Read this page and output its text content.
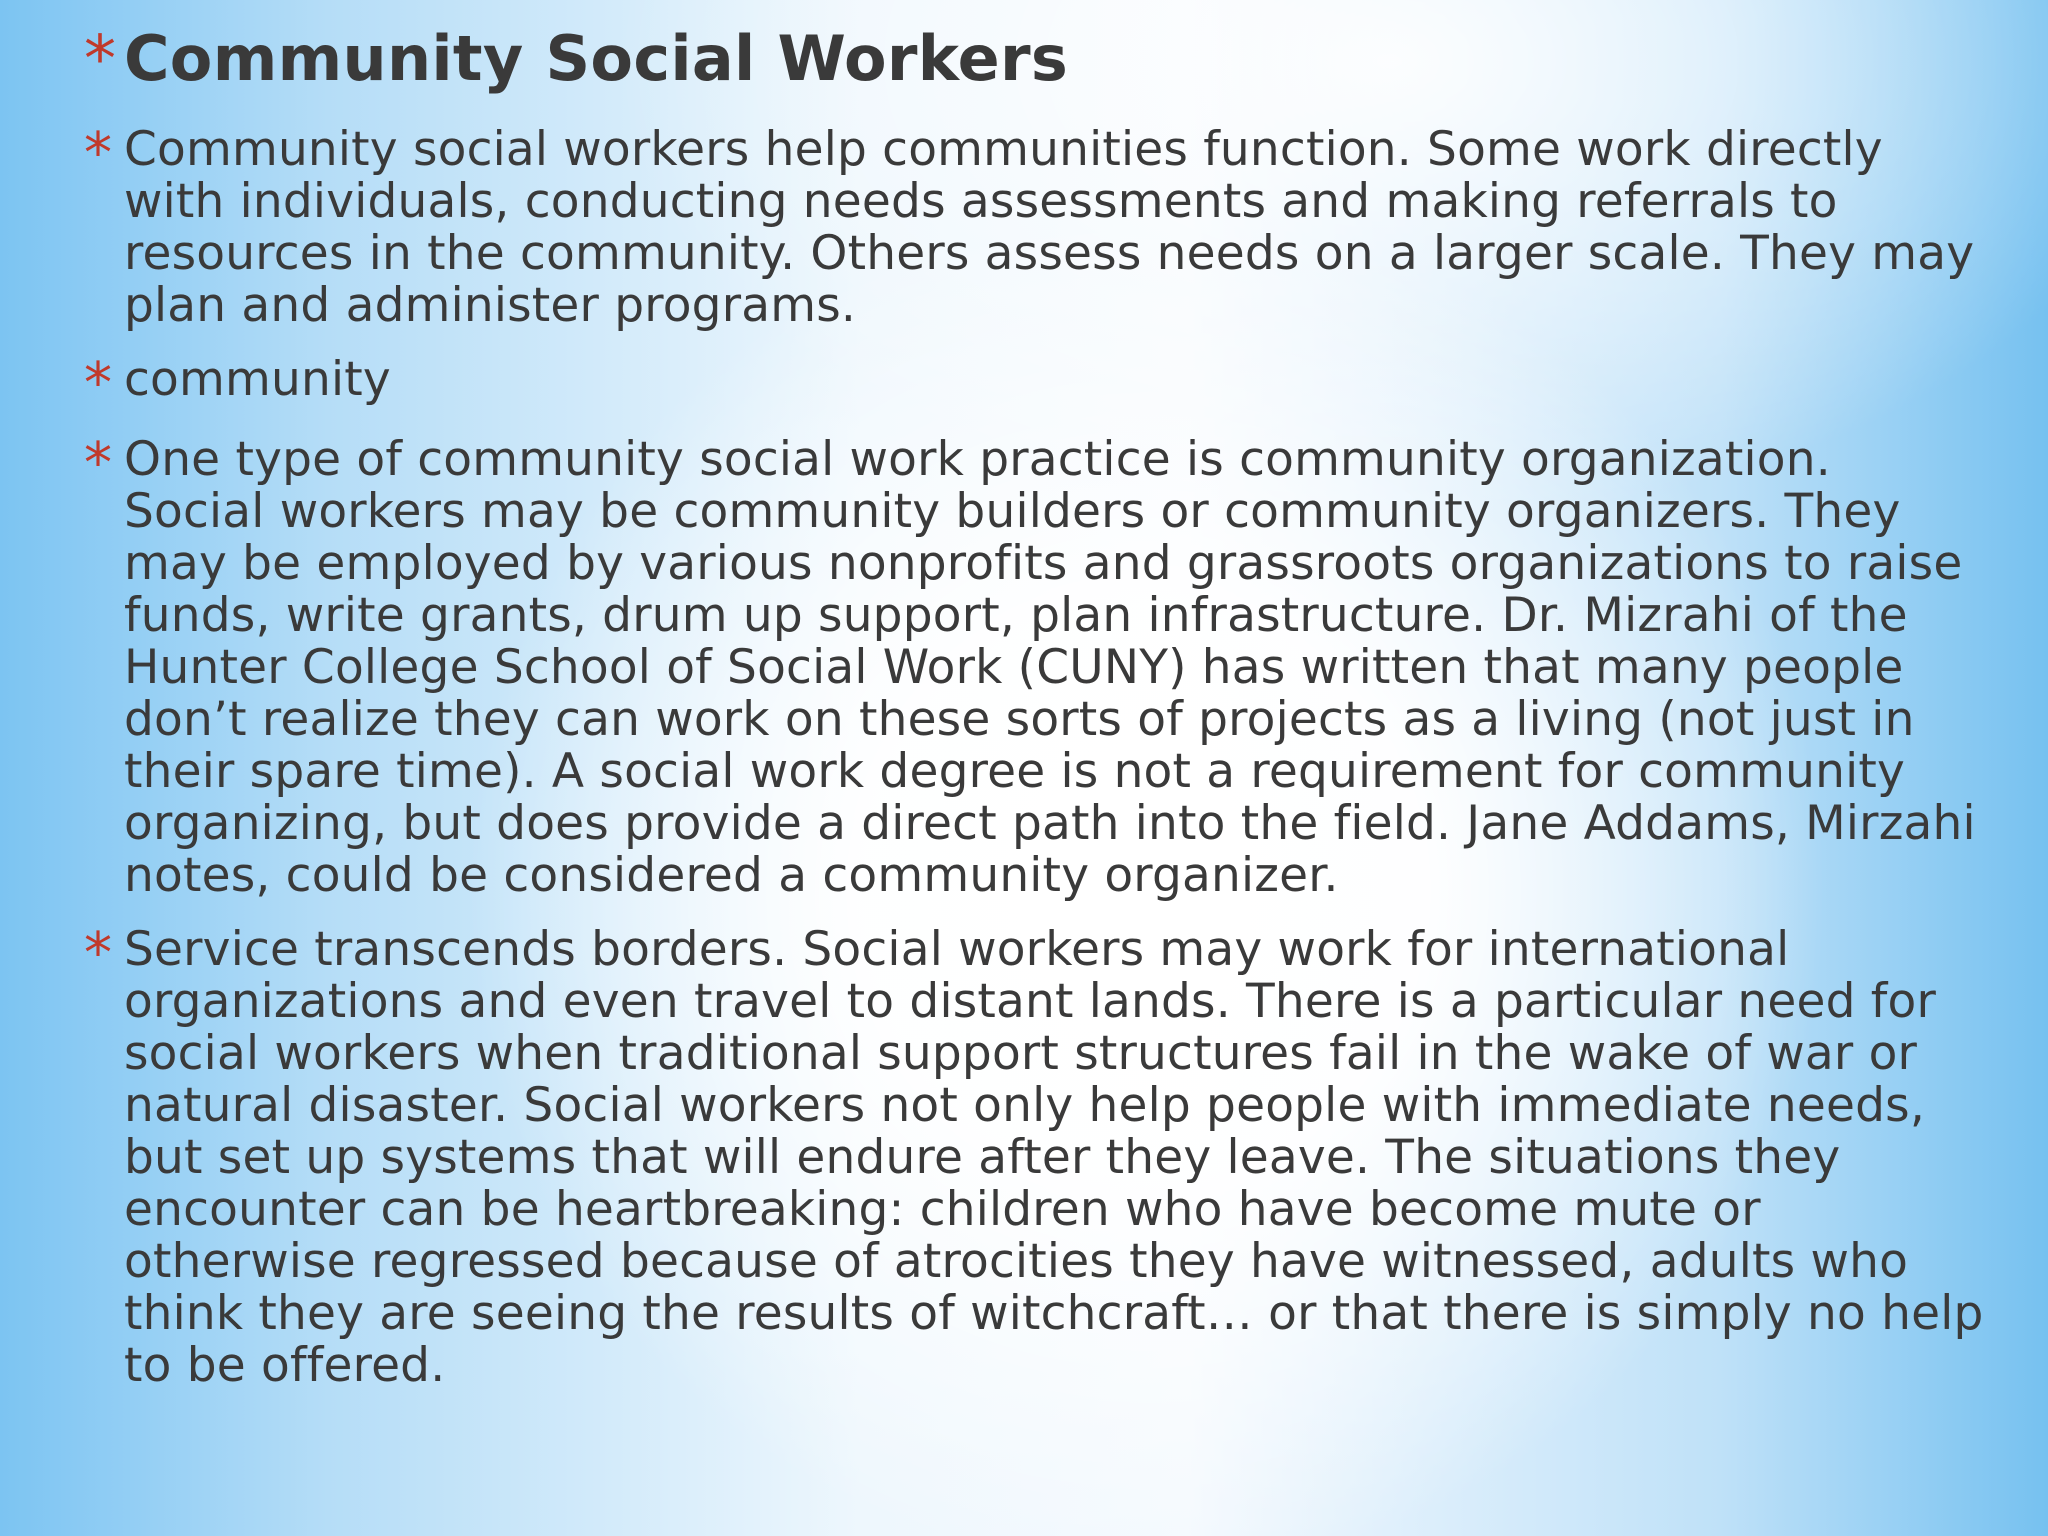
* Community Social Workers
* Community social workers help communities function. Some work directly with individuals, conducting needs assessments and making referrals to resources in the community. Others assess needs on a larger scale. They may plan and administer programs.
* community
* One type of community social work practice is community organization. Social workers may be community builders or community organizers. They may be employed by various nonprofits and grassroots organizations to raise funds, write grants, drum up support, plan infrastructure. Dr. Mizrahi of the Hunter College School of Social Work (CUNY) has written that many people don’t realize they can work on these sorts of projects as a living (not just in their spare time). A social work degree is not a requirement for community organizing, but does provide a direct path into the field. Jane Addams, Mirzahi notes, could be considered a community organizer.
* Service transcends borders. Social workers may work for international organizations and even travel to distant lands. There is a particular need for social workers when traditional support structures fail in the wake of war or natural disaster. Social workers not only help people with immediate needs, but set up systems that will endure after they leave. The situations they encounter can be heartbreaking: children who have become mute or otherwise regressed because of atrocities they have witnessed, adults who think they are seeing the results of witchcraft… or that there is simply no help to be offered.
